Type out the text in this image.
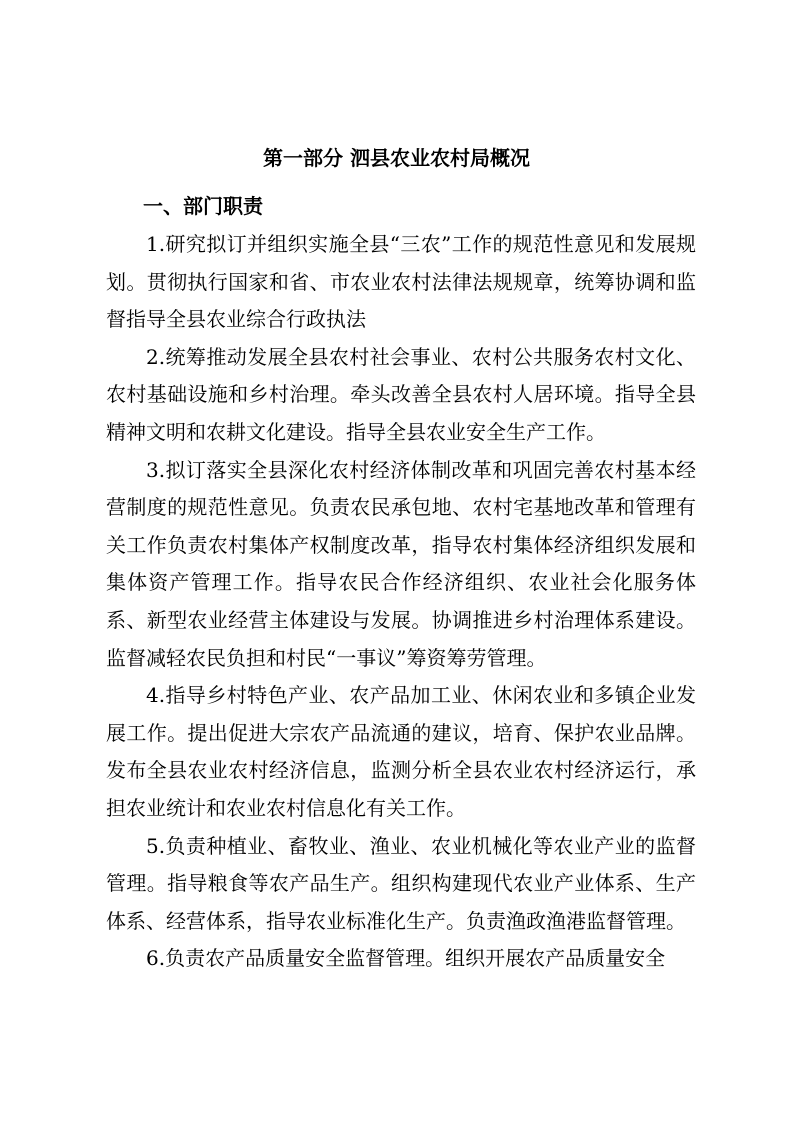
第一部分 泗县农业农村局概况
一、部门职责

1.研究拟订并组织实施全县“三农”工作的规范性意见和发展规划。贯彻执行国家和省、市农业农村法律法规规章，统筹协调和监督指导全县农业综合行政执法

2.统筹推动发展全县农村社会事业、农村公共服务农村文化、农村基础设施和乡村治理。牵头改善全县农村人居环境。指导全县精神文明和农耕文化建设。指导全县农业安全生产工作。

3.拟订落实全县深化农村经济体制改革和巩固完善农村基本经营制度的规范性意见。负责农民承包地、农村宅基地改革和管理有关工作负责农村集体产权制度改革，指导农村集体经济组织发展和集体资产管理工作。指导农民合作经济组织、农业社会化服务体系、新型农业经营主体建设与发展。协调推进乡村治理体系建设。监督减轻农民负担和村民“一事议”筹资筹劳管理。

4.指导乡村特色产业、农产品加工业、休闲农业和多镇企业发展工作。提出促进大宗农产品流通的建议，培育、保护农业品牌。发布全县农业农村经济信息，监测分析全县农业农村经济运行，承担农业统计和农业农村信息化有关工作。

5.负责种植业、畜牧业、渔业、农业机械化等农业产业的监督管理。指导粮食等农产品生产。组织构建现代农业产业体系、生产体系、经营体系，指导农业标准化生产。负责渔政渔港监督管理。

6.负责农产品质量安全监督管理。组织开展农产品质量安全
